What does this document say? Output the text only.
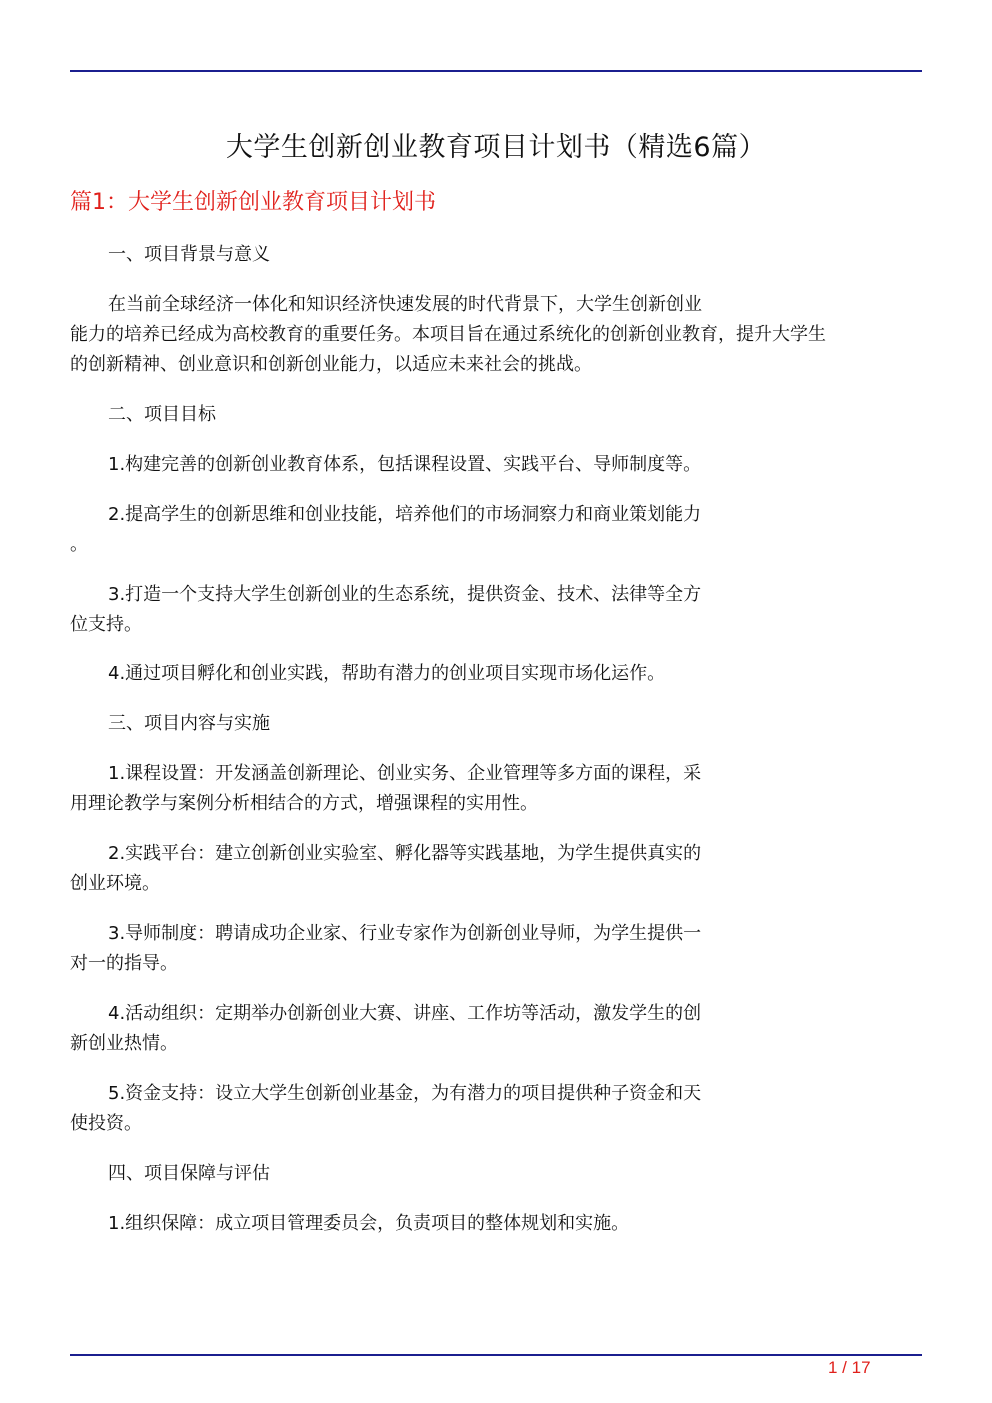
大学生创新创业教育项目计划书（精选6篇）
篇1：大学生创新创业教育项目计划书
一、项目背景与意义
在当前全球经济一体化和知识经济快速发展的时代背景下，大学生创新创业
能力的培养已经成为高校教育的重要任务。本项目旨在通过系统化的创新创业教育，提升大学生
的创新精神、创业意识和创新创业能力，以适应未来社会的挑战。
二、项目目标
1.构建完善的创新创业教育体系，包括课程设置、实践平台、导师制度等。
2.提高学生的创新思维和创业技能，培养他们的市场洞察力和商业策划能力
。
3.打造一个支持大学生创新创业的生态系统，提供资金、技术、法律等全方
位支持。
4.通过项目孵化和创业实践，帮助有潜力的创业项目实现市场化运作。
三、项目内容与实施
1.课程设置：开发涵盖创新理论、创业实务、企业管理等多方面的课程，采
用理论教学与案例分析相结合的方式，增强课程的实用性。
2.实践平台：建立创新创业实验室、孵化器等实践基地，为学生提供真实的
创业环境。
3.导师制度：聘请成功企业家、行业专家作为创新创业导师，为学生提供一
对一的指导。
4.活动组织：定期举办创新创业大赛、讲座、工作坊等活动，激发学生的创
新创业热情。
5.资金支持：设立大学生创新创业基金，为有潜力的项目提供种子资金和天
使投资。
四、项目保障与评估
1.组织保障：成立项目管理委员会，负责项目的整体规划和实施。
1 / 17
